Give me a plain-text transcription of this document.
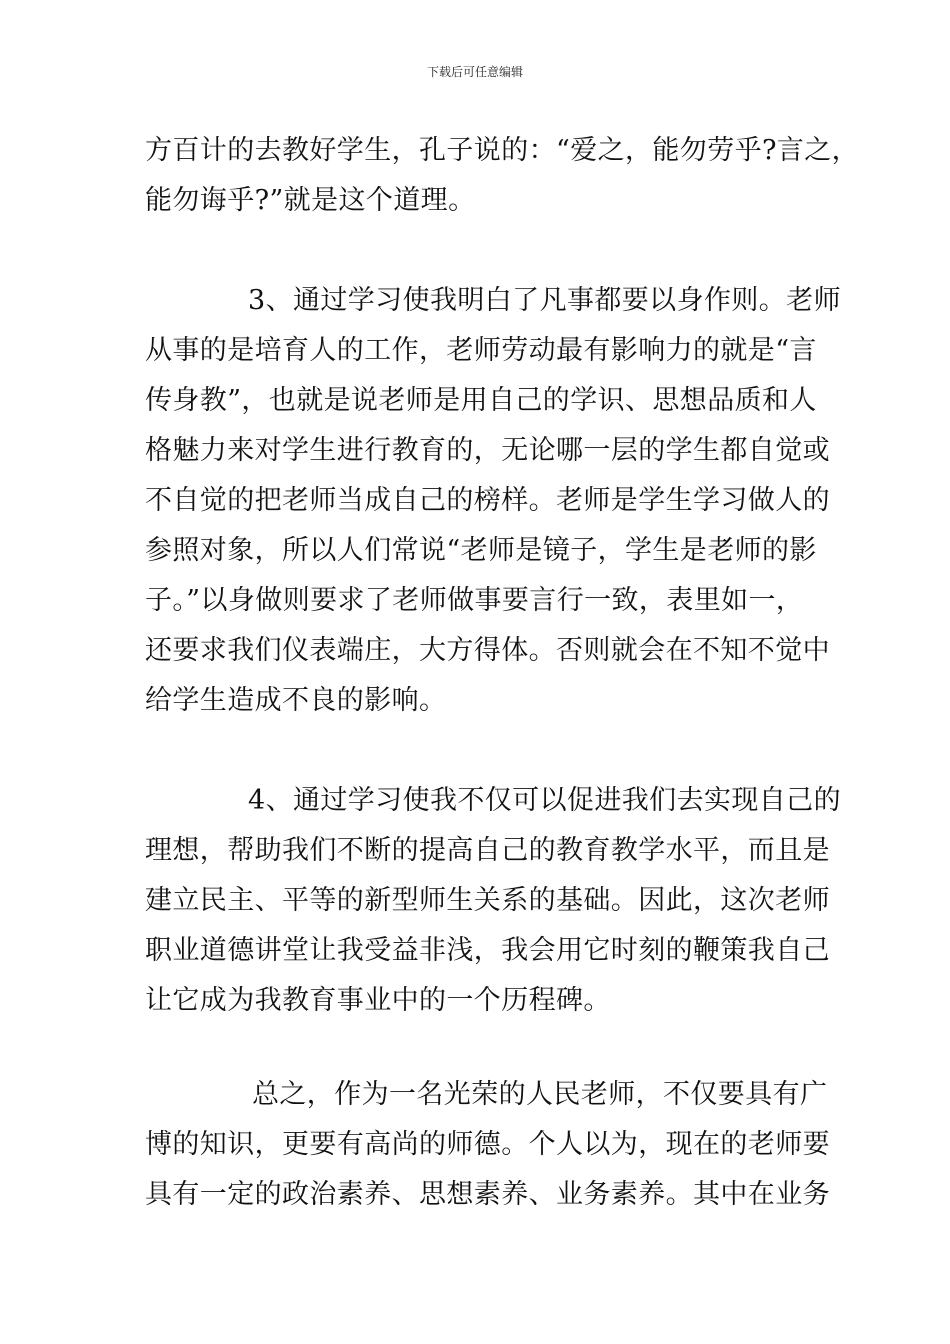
下载后可任意编辑
方百计的去教好学生，孔子说的：“爱之，能勿劳乎?言之，
能勿诲乎?”就是这个道理。
3、通过学习使我明白了凡事都要以身作则。老师
从事的是培育人的工作，老师劳动最有影响力的就是“言
传身教”，也就是说老师是用自己的学识、思想品质和人
格魅力来对学生进行教育的，无论哪一层的学生都自觉或
不自觉的把老师当成自己的榜样。老师是学生学习做人的
参照对象，所以人们常说“老师是镜子，学生是老师的影
子。”以身做则要求了老师做事要言行一致，表里如一，
还要求我们仪表端庄，大方得体。否则就会在不知不觉中
给学生造成不良的影响。
4、通过学习使我不仅可以促进我们去实现自己的
理想，帮助我们不断的提高自己的教育教学水平，而且是
建立民主、平等的新型师生关系的基础。因此，这次老师
职业道德讲堂让我受益非浅，我会用它时刻的鞭策我自己
让它成为我教育事业中的一个历程碑。
总之，作为一名光荣的人民老师，不仅要具有广
博的知识，更要有高尚的师德。个人以为，现在的老师要
具有一定的政治素养、思想素养、业务素养。其中在业务
